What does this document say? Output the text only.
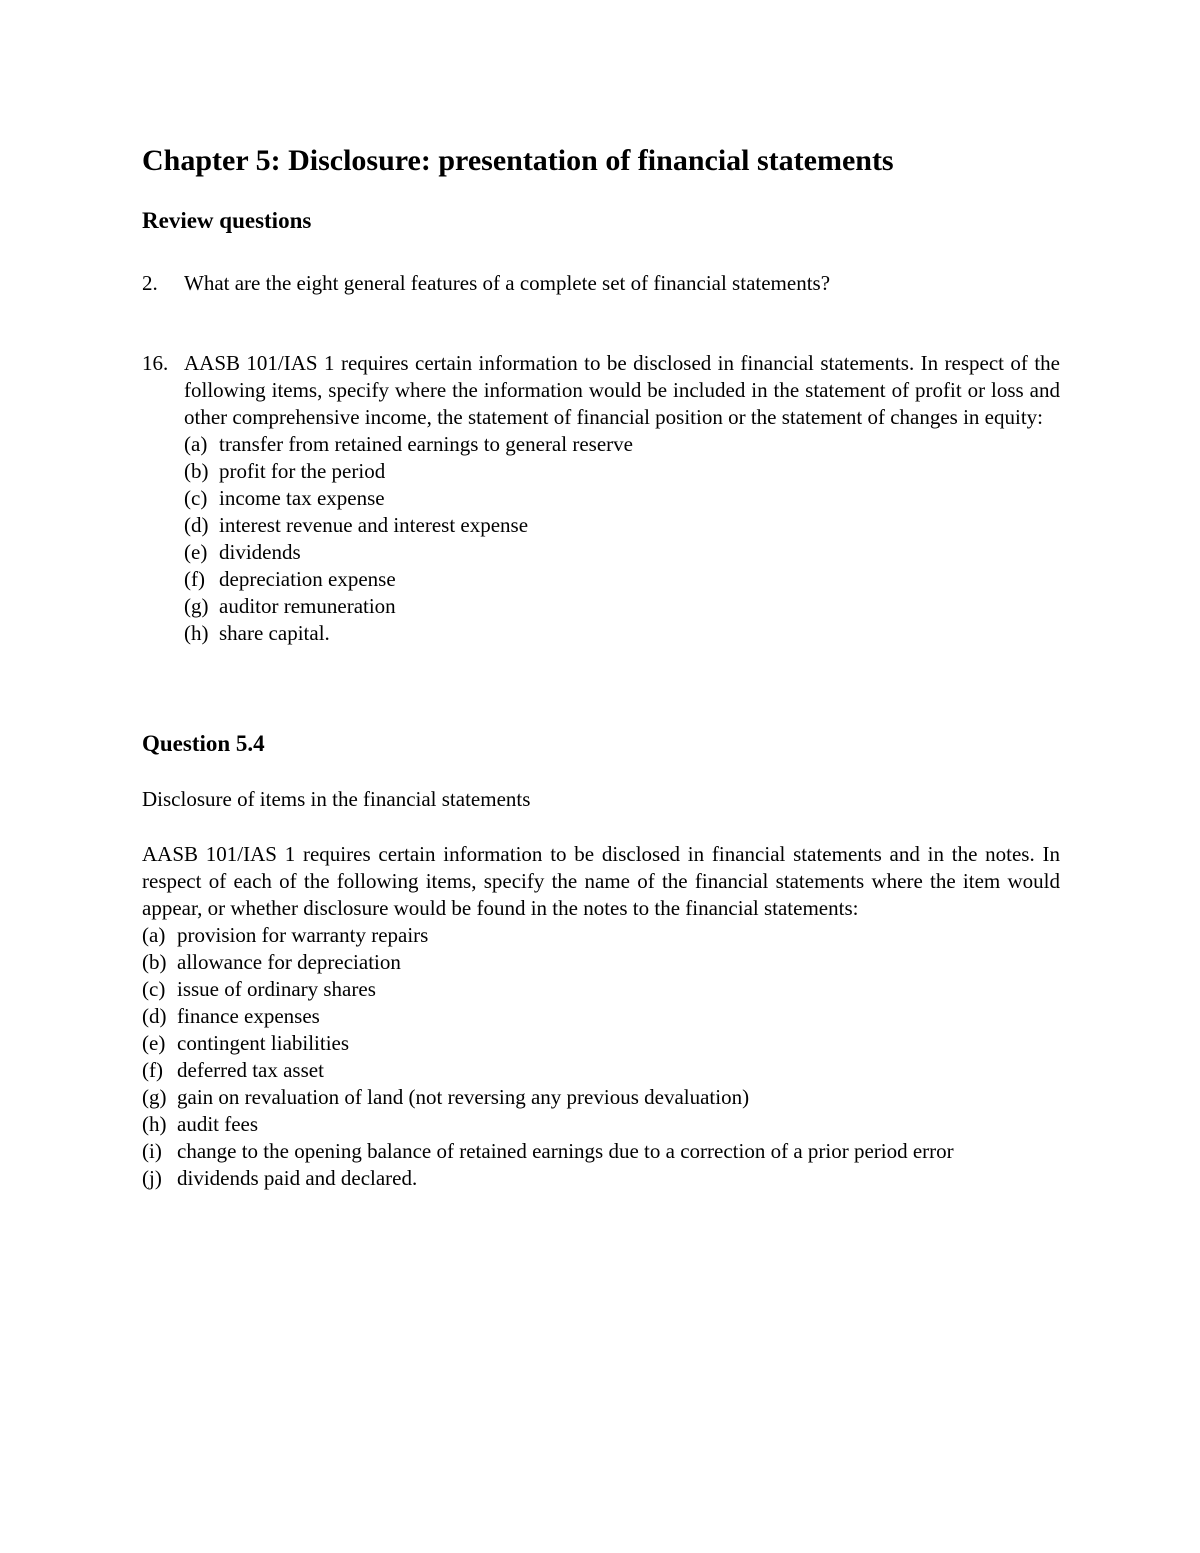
Chapter 5: Disclosure: presentation of financial statements
Review questions
2. What are the eight general features of a complete set of financial statements?

16. AASB 101/IAS 1 requires certain information to be disclosed in financial statements. In respect of the following items, specify where the information would be included in the statement of profit or loss and other comprehensive income, the statement of financial position or the statement of changes in equity:

(a) transfer from retained earnings to general reserve
(b) profit for the period
(c) income tax expense
(d) interest revenue and interest expense
(e) dividends
(f) depreciation expense
(g) auditor remuneration
(h) share capital.
Question 5.4

Disclosure of items in the financial statements

AASB 101/IAS 1 requires certain information to be disclosed in financial statements and in the notes. In respect of each of the following items, specify the name of the financial statements where the item would appear, or whether disclosure would be found in the notes to the financial statements:

(a) provision for warranty repairs
(b) allowance for depreciation
(c) issue of ordinary shares
(d) finance expenses
(e) contingent liabilities
(f) deferred tax asset
(g) gain on revaluation of land (not reversing any previous devaluation)
(h) audit fees
(i) change to the opening balance of retained earnings due to a correction of a prior period error
(j) dividends paid and declared.
